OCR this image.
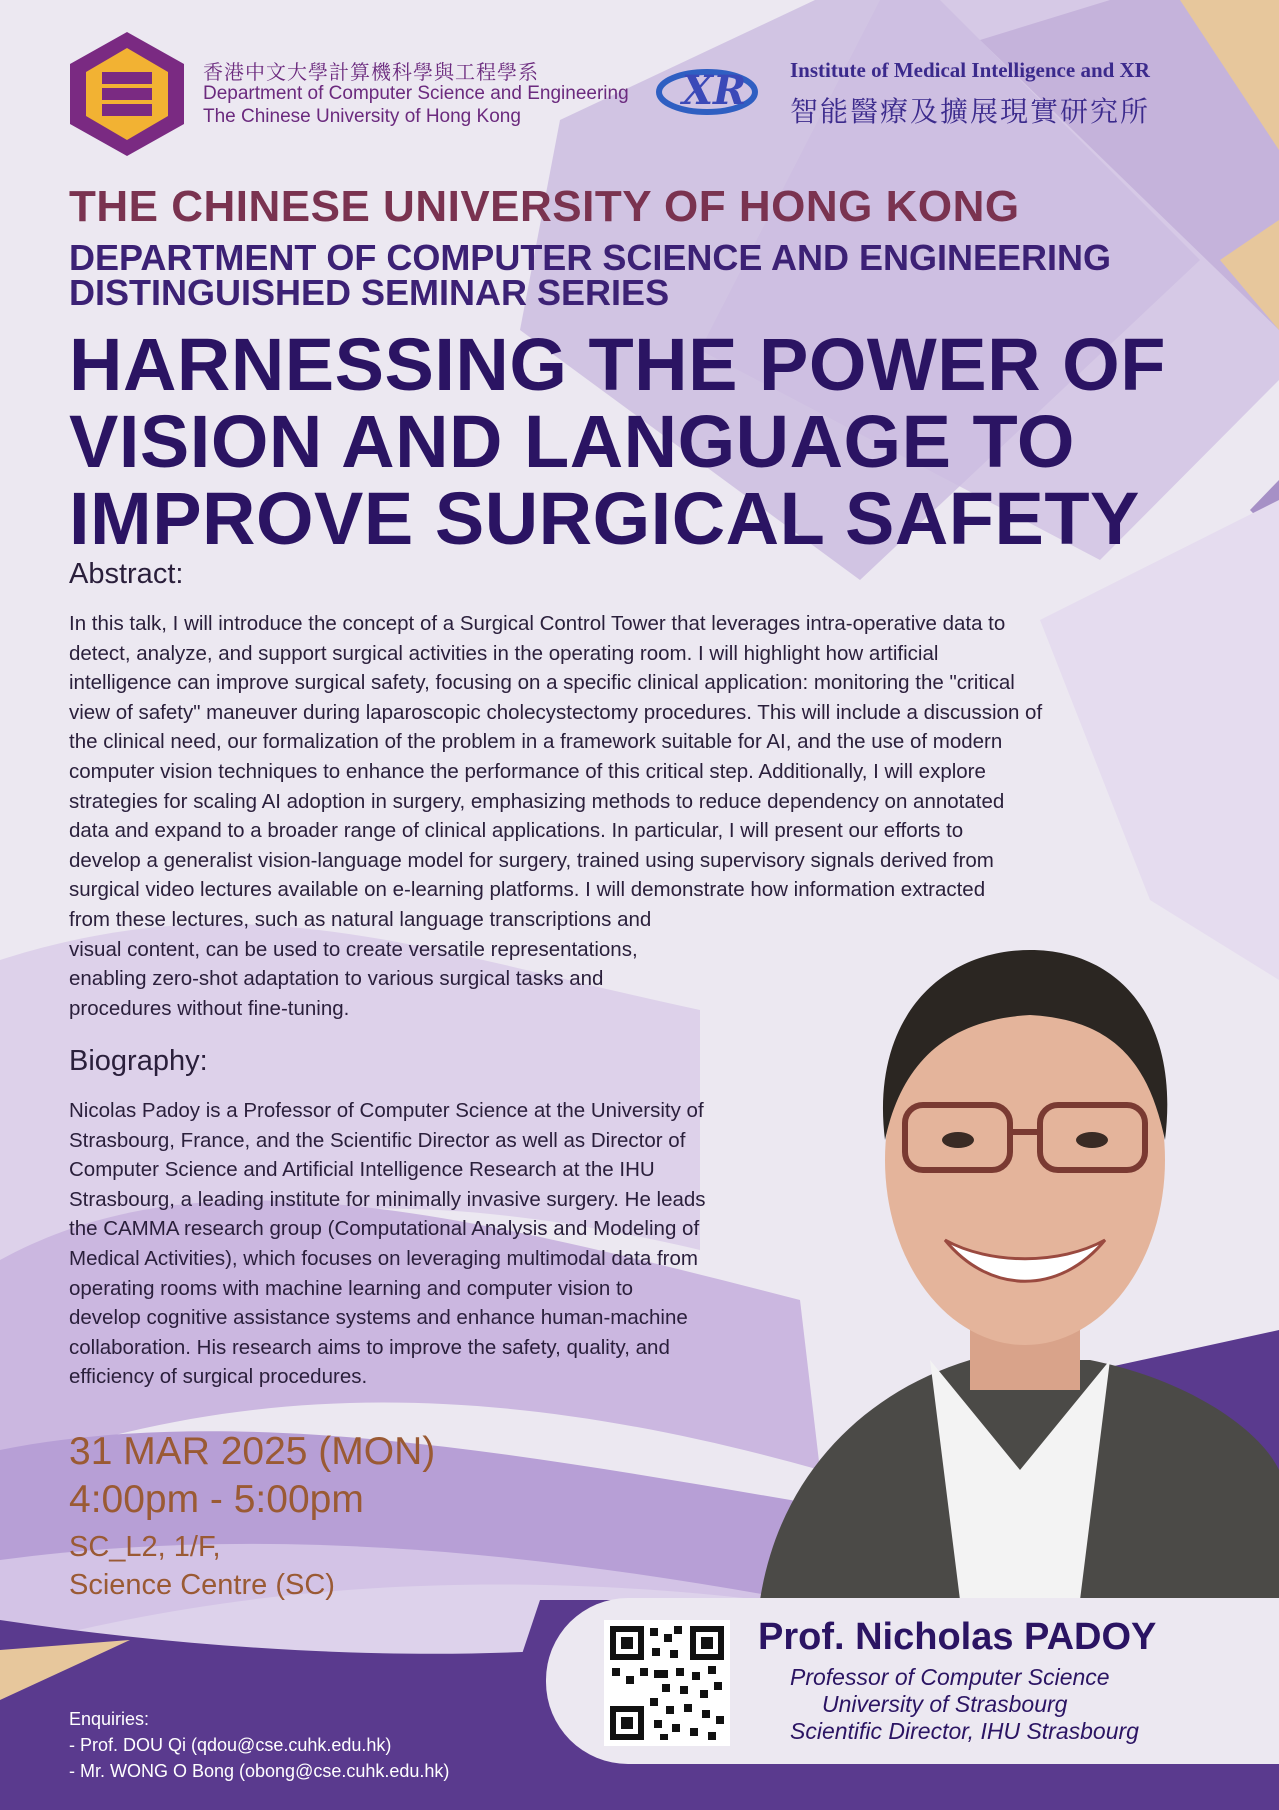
香港中文大學計算機科學與工程學系
Department of Computer Science and Engineering
The Chinese University of Hong Kong
XR Institute of Medical Intelligence and XR
智能醫療及擴展現實研究所
THE CHINESE UNIVERSITY OF HONG KONG
DEPARTMENT OF COMPUTER SCIENCE AND ENGINEERING
DISTINGUISHED SEMINAR SERIES
HARNESSING THE POWER OF
VISION AND LANGUAGE TO
IMPROVE SURGICAL SAFETY
Abstract:
In this talk, I will introduce the concept of a Surgical Control Tower that leverages intra-operative data to
detect, analyze, and support surgical activities in the operating room. I will highlight how artificial
intelligence can improve surgical safety, focusing on a specific clinical application: monitoring the "critical
view of safety" maneuver during laparoscopic cholecystectomy procedures. This will include a discussion of
the clinical need, our formalization of the problem in a framework suitable for AI, and the use of modern
computer vision techniques to enhance the performance of this critical step. Additionally, I will explore
strategies for scaling AI adoption in surgery, emphasizing methods to reduce dependency on annotated
data and expand to a broader range of clinical applications. In particular, I will present our efforts to
develop a generalist vision-language model for surgery, trained using supervisory signals derived from
surgical video lectures available on e-learning platforms. I will demonstrate how information extracted
from these lectures, such as natural language transcriptions and
visual content, can be used to create versatile representations,
enabling zero-shot adaptation to various surgical tasks and
procedures without fine-tuning.
Biography:
Nicolas Padoy is a Professor of Computer Science at the University of
Strasbourg, France, and the Scientific Director as well as Director of
Computer Science and Artificial Intelligence Research at the IHU
Strasbourg, a leading institute for minimally invasive surgery. He leads
the CAMMA research group (Computational Analysis and Modeling of
Medical Activities), which focuses on leveraging multimodal data from
operating rooms with machine learning and computer vision to
develop cognitive assistance systems and enhance human-machine
collaboration. His research aims to improve the safety, quality, and
efficiency of surgical procedures.
31 MAR 2025 (MON)
4:00pm - 5:00pm
SC_L2, 1/F,
Science Centre (SC)
Prof. Nicholas PADOY
Professor of Computer Science
University of Strasbourg
Scientific Director, IHU Strasbourg
Enquiries:
- Prof. DOU Qi (qdou@cse.cuhk.edu.hk)
- Mr. WONG O Bong (obong@cse.cuhk.edu.hk)
